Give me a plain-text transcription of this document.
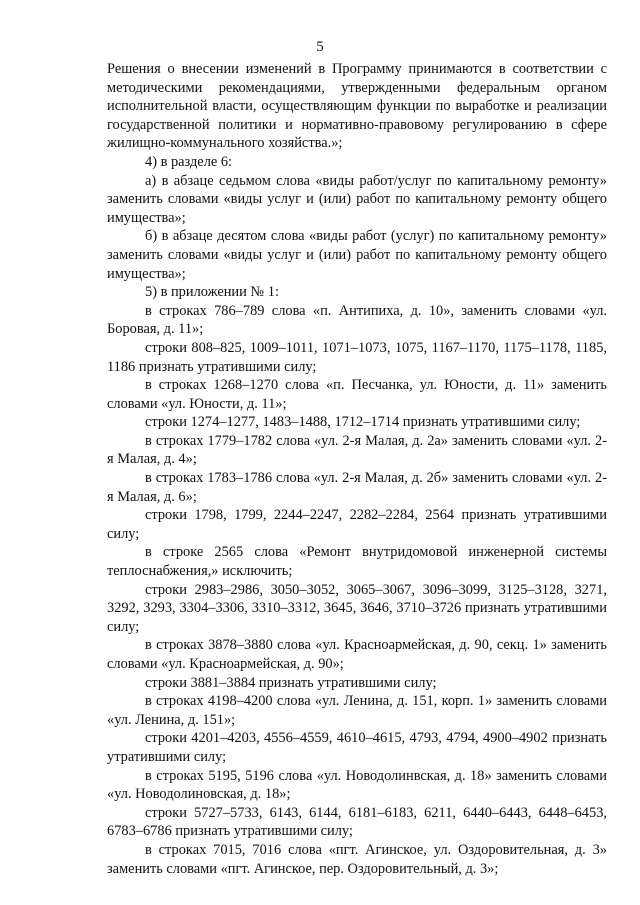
5

Решения о внесении изменений в Программу принимаются в соответствии с методическими рекомендациями, утвержденными федеральным органом исполнительной власти, осуществляющим функции по выработке и реализации государственной политики и нормативно-правовому регулированию в сфере жилищно-коммунального хозяйства.»;

4) в разделе 6:

а) в абзаце седьмом слова «виды работ/услуг по капитальному ремонту» заменить словами «виды услуг и (или) работ по капитальному ремонту общего имущества»;

б) в абзаце десятом слова «виды работ (услуг) по капитальному ремонту» заменить словами «виды услуг и (или) работ по капитальному ремонту общего имущества»;

5) в приложении № 1:

в строках 786–789 слова «п. Антипиха, д. 10», заменить словами «ул. Боровая, д. 11»;

строки 808–825, 1009–1011, 1071–1073, 1075, 1167–1170, 1175–1178, 1185, 1186 признать утратившими силу;

в строках 1268–1270 слова «п. Песчанка, ул. Юности, д. 11» заменить словами «ул. Юности, д. 11»;

строки 1274–1277, 1483–1488, 1712–1714 признать утратившими силу;

в строках 1779–1782 слова «ул. 2-я Малая, д. 2а» заменить словами «ул. 2-я Малая, д. 4»;

в строках 1783–1786 слова «ул. 2-я Малая, д. 2б» заменить словами «ул. 2-я Малая, д. 6»;

строки 1798, 1799, 2244–2247, 2282–2284, 2564 признать утратившими силу;

в строке 2565 слова «Ремонт внутридомовой инженерной системы теплоснабжения,» исключить;

строки 2983–2986, 3050–3052, 3065–3067, 3096–3099, 3125–3128, 3271, 3292, 3293, 3304–3306, 3310–3312, 3645, 3646, 3710–3726 признать утратившими силу;

в строках 3878–3880 слова «ул. Красноармейская, д. 90, секц. 1» заменить словами «ул. Красноармейская, д. 90»;

строки 3881–3884 признать утратившими силу;

в строках 4198–4200 слова «ул. Ленина, д. 151, корп. 1» заменить словами «ул. Ленина, д. 151»;

строки 4201–4203, 4556–4559, 4610–4615, 4793, 4794, 4900–4902 признать утратившими силу;

в строках 5195, 5196 слова «ул. Новодолинвская, д. 18» заменить словами «ул. Новодолиновская, д. 18»;

строки 5727–5733, 6143, 6144, 6181–6183, 6211, 6440–6443, 6448–6453, 6783–6786 признать утратившими силу;

в строках 7015, 7016 слова «пгт. Агинское, ул. Оздоровительная, д. 3» заменить словами «пгт. Агинское, пер. Оздоровительный, д. 3»;
